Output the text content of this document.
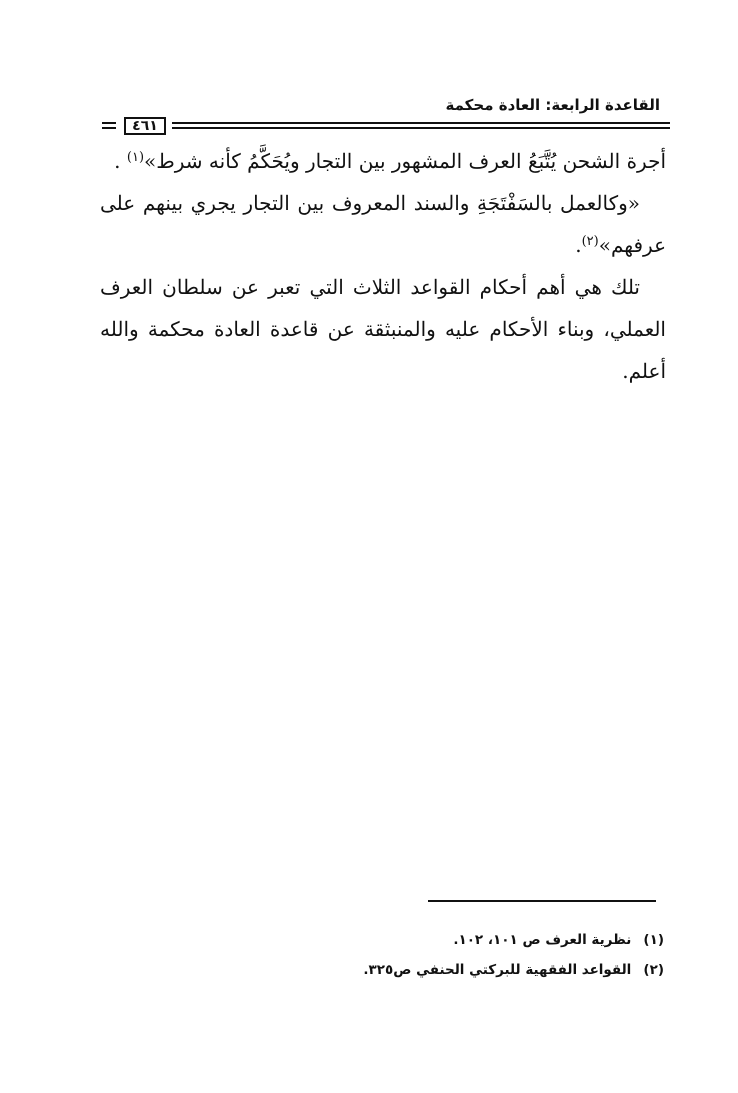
القاعدة الرابعة: العادة محكمة
٤٦١

أجرة الشحن يُتَّبَعُ العرف المشهور بين التجار ويُحَكَّمُ كأنه شرط»$^{(١)}$ .

«وكالعمل بالسَفْتَجَةِ والسند المعروف بين التجار يجري بينهم على عرفهم»$^{(٢)}$.

تلك هي أهم أحكام القواعد الثلاث التي تعبر عن سلطان العرف العملي، وبناء الأحكام عليه والمنبثقة عن قاعدة العادة محكمة والله أعلم.

(١) نظرية العرف ص ١٠١، ١٠٢.
(٢) القواعد الفقهية للبركتي الحنفي ص٣٢٥.
